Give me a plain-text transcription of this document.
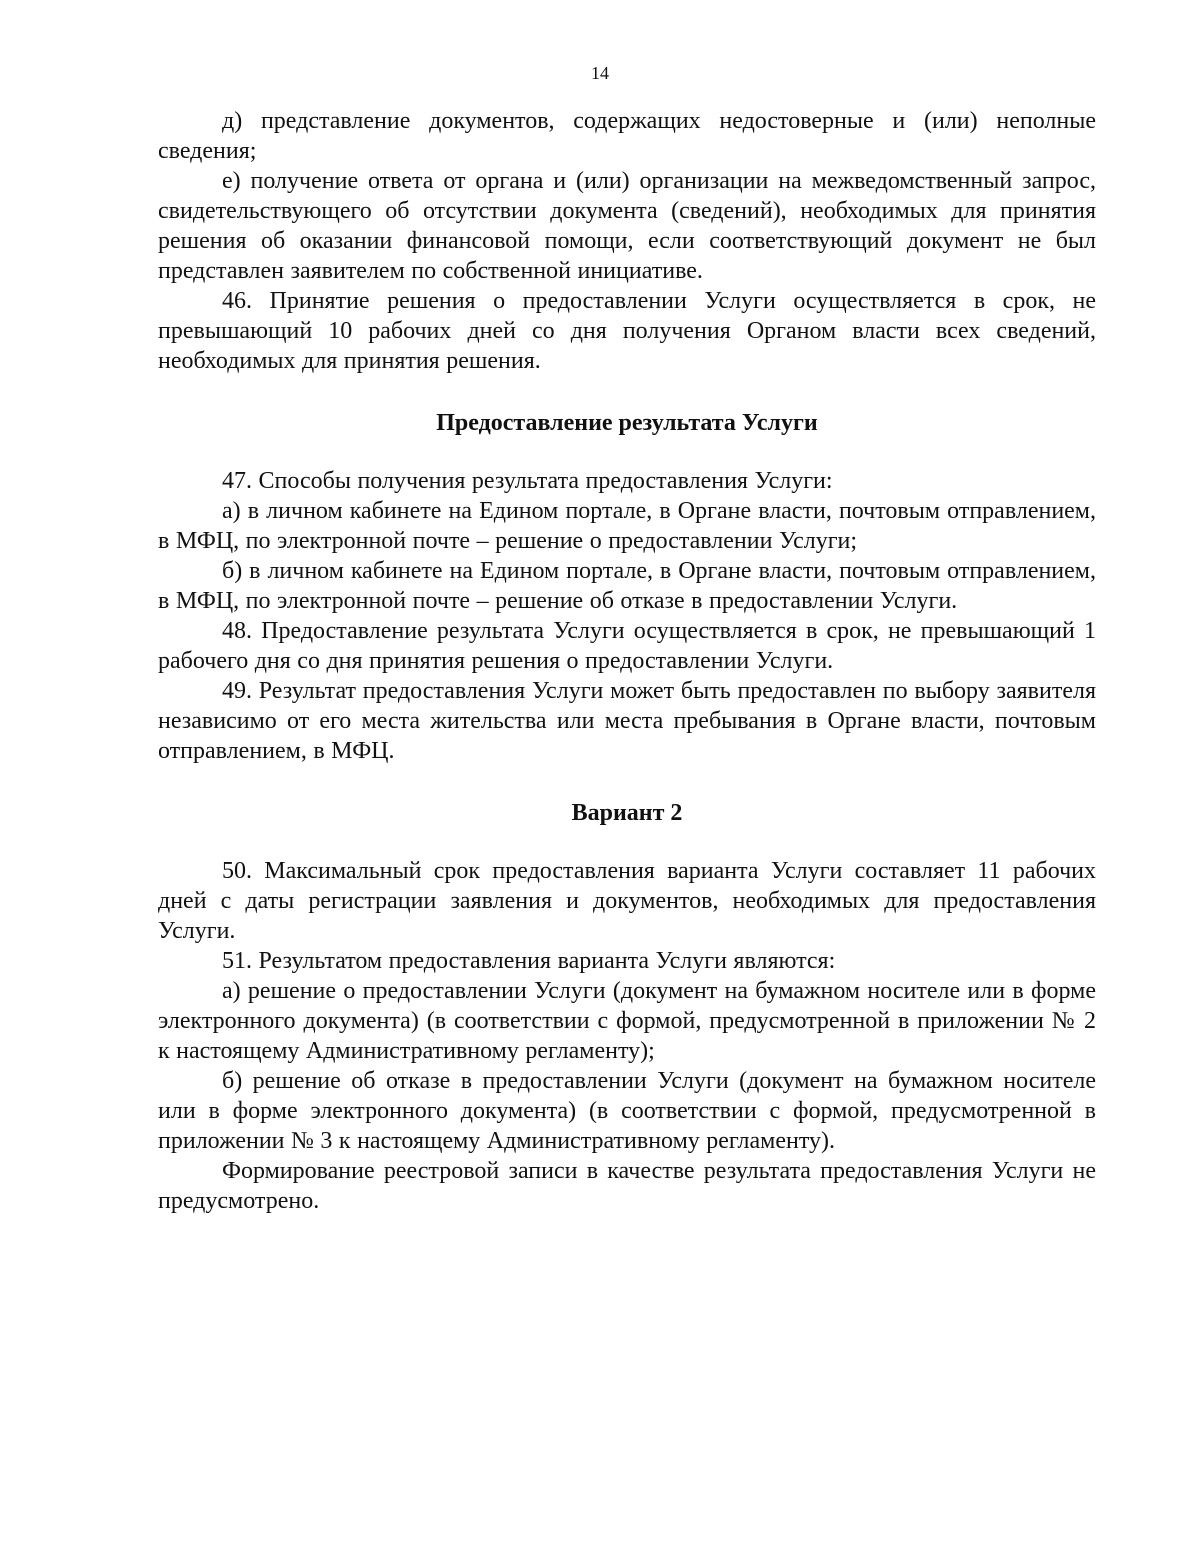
14

д) представление документов, содержащих недостоверные и (или) неполные сведения;

е) получение ответа от органа и (или) организации на межведомственный запрос, свидетельствующего об отсутствии документа (сведений), необходимых для принятия решения об оказании финансовой помощи, если соответствующий документ не был представлен заявителем по собственной инициативе.

46. Принятие решения о предоставлении Услуги осуществляется в срок, не превышающий 10 рабочих дней со дня получения Органом власти всех сведений, необходимых для принятия решения.

Предоставление результата Услуги

47. Способы получения результата предоставления Услуги:

а) в личном кабинете на Едином портале, в Органе власти, почтовым отправлением, в МФЦ, по электронной почте – решение о предоставлении Услуги;

б) в личном кабинете на Едином портале, в Органе власти, почтовым отправлением, в МФЦ, по электронной почте – решение об отказе в предоставлении Услуги.

48. Предоставление результата Услуги осуществляется в срок, не превышающий 1 рабочего дня со дня принятия решения о предоставлении Услуги.

49. Результат предоставления Услуги может быть предоставлен по выбору заявителя независимо от его места жительства или места пребывания в Органе власти, почтовым отправлением, в МФЦ.

Вариант 2

50. Максимальный срок предоставления варианта Услуги составляет 11 рабочих дней с даты регистрации заявления и документов, необходимых для предоставления Услуги.

51. Результатом предоставления варианта Услуги являются:

а) решение о предоставлении Услуги (документ на бумажном носителе или в форме электронного документа) (в соответствии с формой, предусмотренной в приложении № 2 к настоящему Административному регламенту);

б) решение об отказе в предоставлении Услуги (документ на бумажном носителе или в форме электронного документа) (в соответствии с формой, предусмотренной в приложении № 3 к настоящему Административному регламенту).

Формирование реестровой записи в качестве результата предоставления Услуги не предусмотрено.
